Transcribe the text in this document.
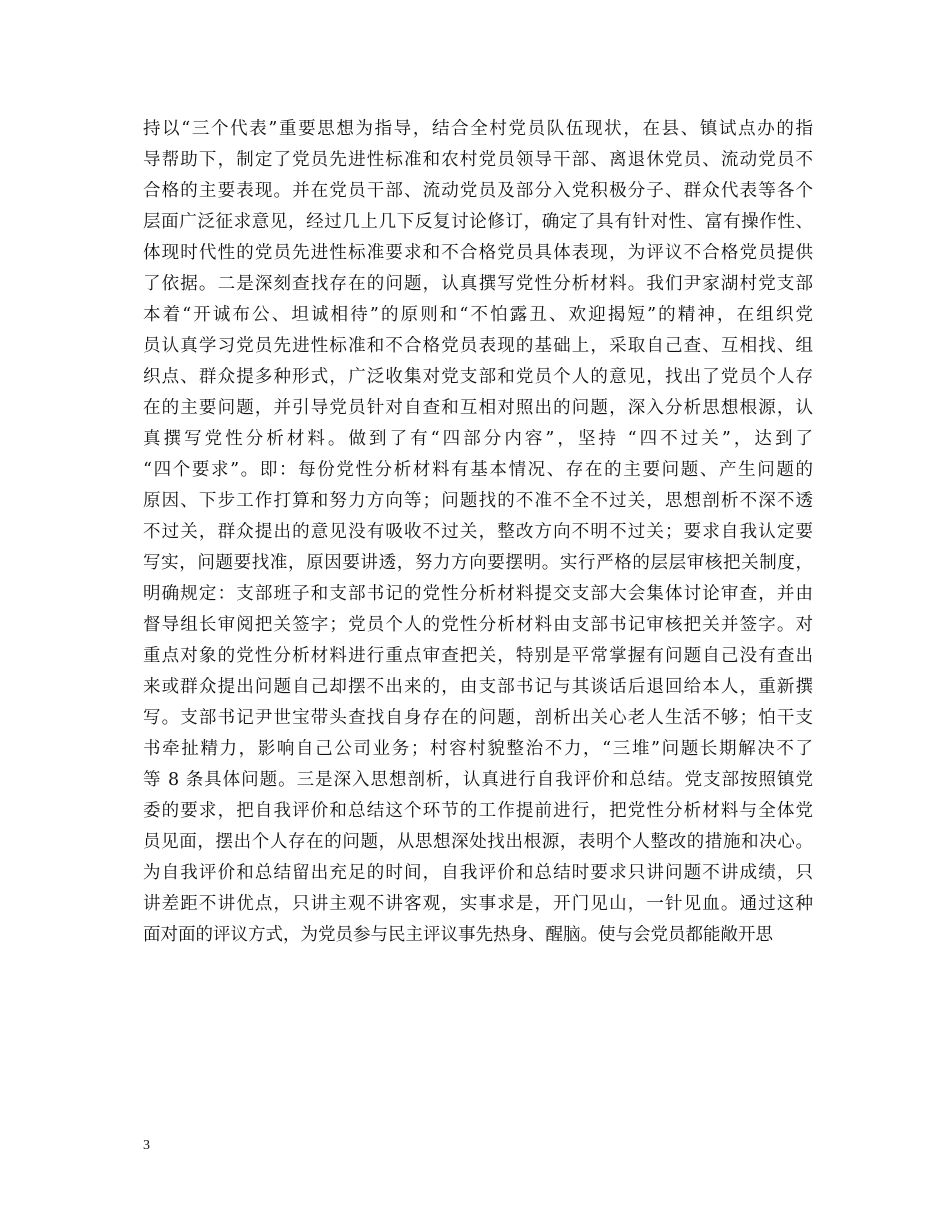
持以“三个代表”重要思想为指导，结合全村党员队伍现状，在县、镇试点办的指
导帮助下，制定了党员先进性标准和农村党员领导干部、离退休党员、流动党员不
合格的主要表现。并在党员干部、流动党员及部分入党积极分子、群众代表等各个
层面广泛征求意见，经过几上几下反复讨论修订，确定了具有针对性、富有操作性、
体现时代性的党员先进性标准要求和不合格党员具体表现，为评议不合格党员提供
了依据。二是深刻查找存在的问题，认真撰写党性分析材料。我们尹家湖村党支部
本着“开诚布公、坦诚相待”的原则和“不怕露丑、欢迎揭短”的精神，在组织党
员认真学习党员先进性标准和不合格党员表现的基础上，采取自己查、互相找、组
织点、群众提多种形式，广泛收集对党支部和党员个人的意见，找出了党员个人存
在的主要问题，并引导党员针对自查和互相对照出的问题，深入分析思想根源，认
真撰写党性分析材料。做到了有“四部分内容”，坚持 “四不过关”，达到了
“四个要求”。即：每份党性分析材料有基本情况、存在的主要问题、产生问题的
原因、下步工作打算和努力方向等；问题找的不准不全不过关，思想剖析不深不透
不过关，群众提出的意见没有吸收不过关，整改方向不明不过关；要求自我认定要
写实，问题要找准，原因要讲透，努力方向要摆明。实行严格的层层审核把关制度，
明确规定：支部班子和支部书记的党性分析材料提交支部大会集体讨论审查，并由
督导组长审阅把关签字；党员个人的党性分析材料由支部书记审核把关并签字。对
重点对象的党性分析材料进行重点审查把关，特别是平常掌握有问题自己没有查出
来或群众提出问题自己却摆不出来的，由支部书记与其谈话后退回给本人，重新撰
写。支部书记尹世宝带头查找自身存在的问题，剖析出关心老人生活不够；怕干支
书牵扯精力，影响自己公司业务；村容村貌整治不力，“三堆”问题长期解决不了
等 8 条具体问题。三是深入思想剖析，认真进行自我评价和总结。党支部按照镇党
委的要求，把自我评价和总结这个环节的工作提前进行，把党性分析材料与全体党
员见面，摆出个人存在的问题，从思想深处找出根源，表明个人整改的措施和决心。
为自我评价和总结留出充足的时间，自我评价和总结时要求只讲问题不讲成绩，只
讲差距不讲优点，只讲主观不讲客观，实事求是，开门见山，一针见血。通过这种
面对面的评议方式，为党员参与民主评议事先热身、醒脑。使与会党员都能敞开思
3
